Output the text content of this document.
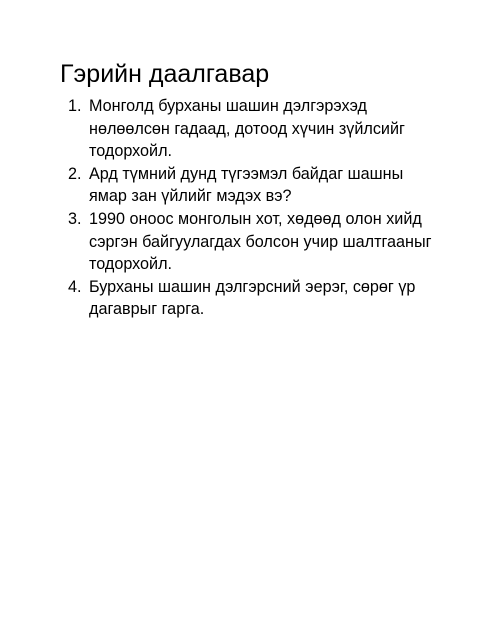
Гэрийн даалгавар
1. Монголд бурханы шашин дэлгэрэхэд
нөлөөлсөн гадаад, дотоод хүчин зүйлсийг
тодорхойл.
2. Ард түмний дунд түгээмэл байдаг шашны
ямар зан үйлийг мэдэх вэ?
3. 1990 оноос монголын хот, хөдөөд олон хийд
сэргэн байгуулагдах болсон учир шалтгааныг
тодорхойл.
4. Бурханы шашин дэлгэрсний эерэг, сөрөг үр
дагаврыг гарга.
